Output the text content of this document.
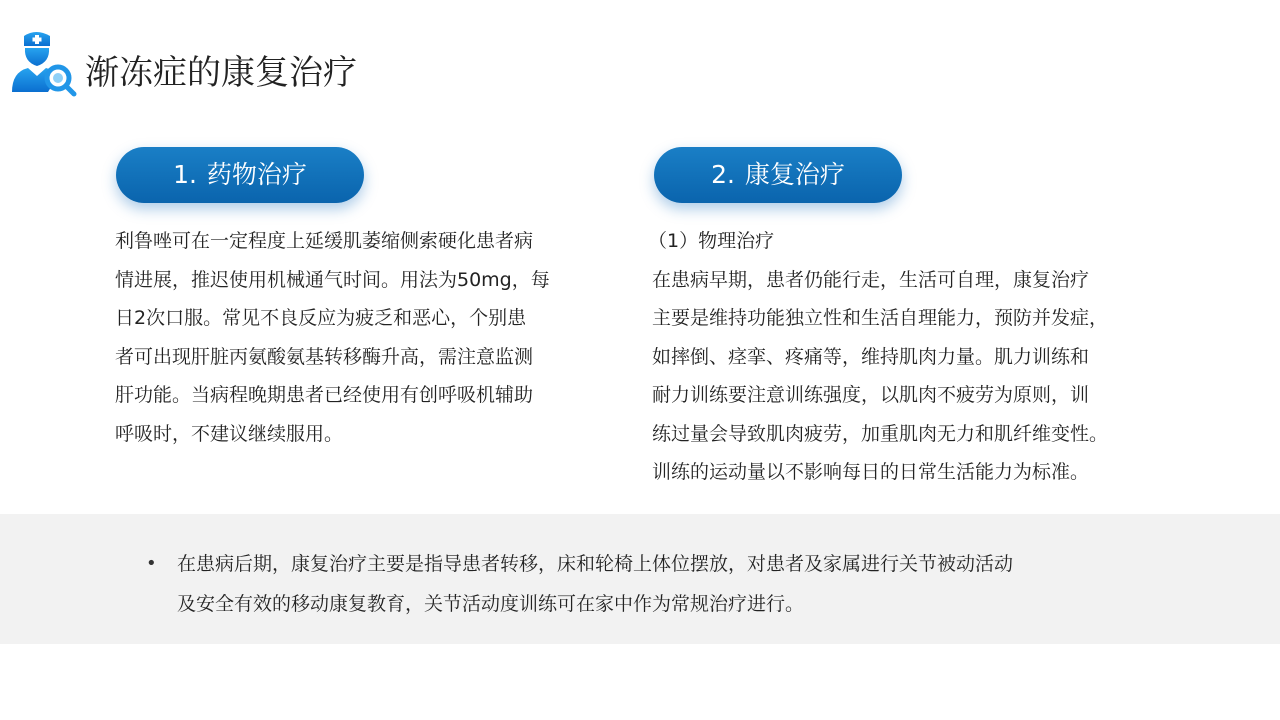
渐冻症的康复治疗
1. 药物治疗	2. 康复治疗

利鲁唑可在一定程度上延缓肌萎缩侧索硬化患者病

情进展，推迟使用机械通气时间。用法为50mg，每

日2次口服。常见不良反应为疲乏和恶心，个别患

者可出现肝脏丙氨酸氨基转移酶升高，需注意监测

肝功能。当病程晚期患者已经使用有创呼吸机辅助

呼吸时，不建议继续服用。

（1）物理治疗

在患病早期，患者仍能行走，生活可自理，康复治疗

主要是维持功能独立性和生活自理能力，预防并发症，

如摔倒、痉挛、疼痛等，维持肌肉力量。肌力训练和

耐力训练要注意训练强度，以肌肉不疲劳为原则，训

练过量会导致肌肉疲劳，加重肌肉无力和肌纤维变性。

训练的运动量以不影响每日的日常生活能力为标准。

• 在患病后期，康复治疗主要是指导患者转移，床和轮椅上体位摆放，对患者及家属进行关节被动活动
及安全有效的移动康复教育，关节活动度训练可在家中作为常规治疗进行。
